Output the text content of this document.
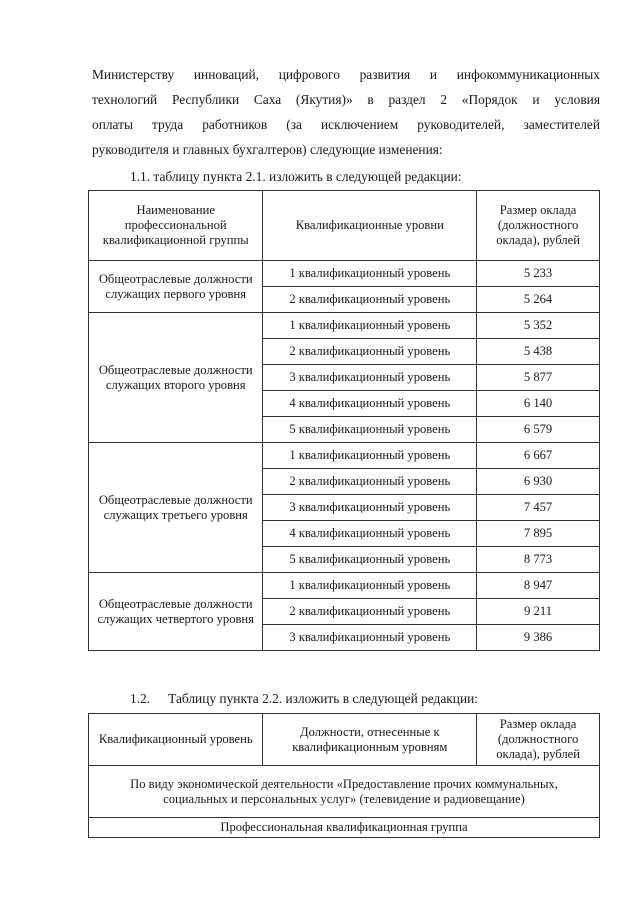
Министерству инноваций, цифрового развития и инфокоммуникационных
технологий Республики Саха (Якутия)» в раздел 2 «Порядок и условия
оплаты труда работников (за исключением руководителей, заместителей
руководителя и главных бухгалтеров) следующие изменения:
1.1. таблицу пункта 2.1. изложить в следующей редакции:
Наименование профессиональной квалификационной группы	Квалификационные уровни	Размер оклада (должностного оклада), рублей
Общеотраслевые должности служащих первого уровня	1 квалификационный уровень	5 233
	2 квалификационный уровень	5 264
Общеотраслевые должности служащих второго уровня	1 квалификационный уровень	5 352
	2 квалификационный уровень	5 438
	3 квалификационный уровень	5 877
	4 квалификационный уровень	6 140
	5 квалификационный уровень	6 579
Общеотраслевые должности служащих третьего уровня	1 квалификационный уровень	6 667
	2 квалификационный уровень	6 930
	3 квалификационный уровень	7 457
	4 квалификационный уровень	7 895
	5 квалификационный уровень	8 773
Общеотраслевые должности служащих четвертого уровня	1 квалификационный уровень	8 947
	2 квалификационный уровень	9 211
	3 квалификационный уровень	9 386
1.2. Таблицу пункта 2.2. изложить в следующей редакции:
Квалификационный уровень	Должности, отнесенные к квалификационным уровням	Размер оклада (должностного оклада), рублей
По виду экономической деятельности «Предоставление прочих коммунальных, социальных и персональных услуг» (телевидение и радиовещание)
Профессиональная квалификационная группа
